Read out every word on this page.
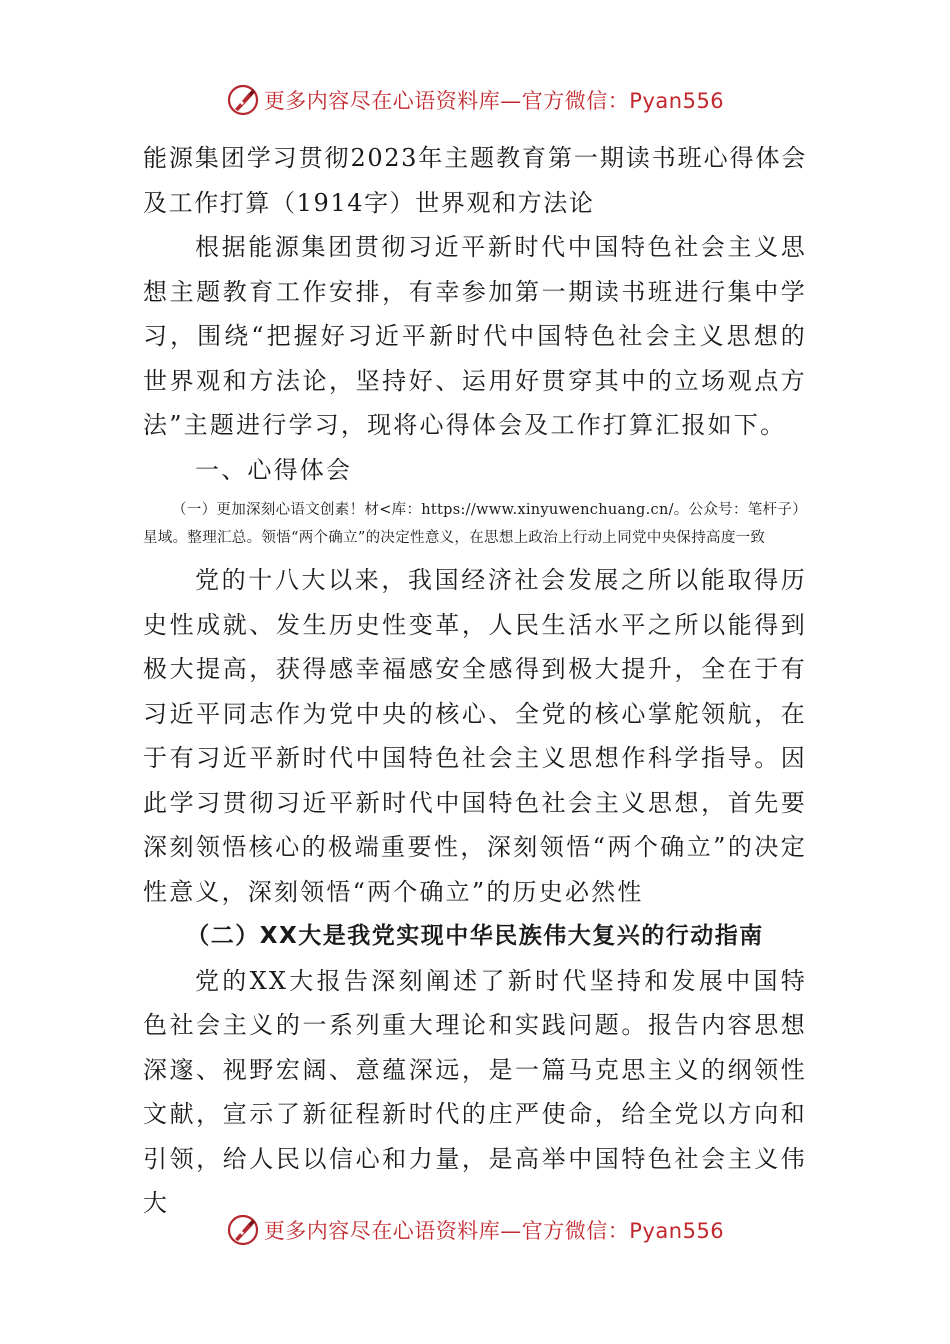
更多内容尽在心语资料库—官方微信：Pyan556

能源集团学习贯彻2023年主题教育第一期读书班心得体会及工作打算（1914字）世界观和方法论

根据能源集团贯彻习近平新时代中国特色社会主义思想主题教育工作安排，有幸参加第一期读书班进行集中学习，围绕“把握好习近平新时代中国特色社会主义思想的世界观和方法论，坚持好、运用好贯穿其中的立场观点方法”主题进行学习，现将心得体会及工作打算汇报如下。

一、心得体会

（一）更加深刻心语文创素！材<库：https://www.xinyuwenchuang.cn/。公众号：笔杆子）星域。整理汇总。领悟“两个确立”的决定性意义，在思想上政治上行动上同党中央保持高度一致

党的十八大以来，我国经济社会发展之所以能取得历史性成就、发生历史性变革，人民生活水平之所以能得到极大提高，获得感幸福感安全感得到极大提升，全在于有习近平同志作为党中央的核心、全党的核心掌舵领航，在于有习近平新时代中国特色社会主义思想作科学指导。因此学习贯彻习近平新时代中国特色社会主义思想，首先要深刻领悟核心的极端重要性，深刻领悟“两个确立”的决定性意义，深刻领悟“两个确立”的历史必然性

（二）XX大是我党实现中华民族伟大复兴的行动指南

党的XX大报告深刻阐述了新时代坚持和发展中国特色社会主义的一系列重大理论和实践问题。报告内容思想深邃、视野宏阔、意蕴深远，是一篇马克思主义的纲领性文献，宣示了新征程新时代的庄严使命，给全党以方向和引领，给人民以信心和力量，是高举中国特色社会主义伟大

更多内容尽在心语资料库—官方微信：Pyan556
